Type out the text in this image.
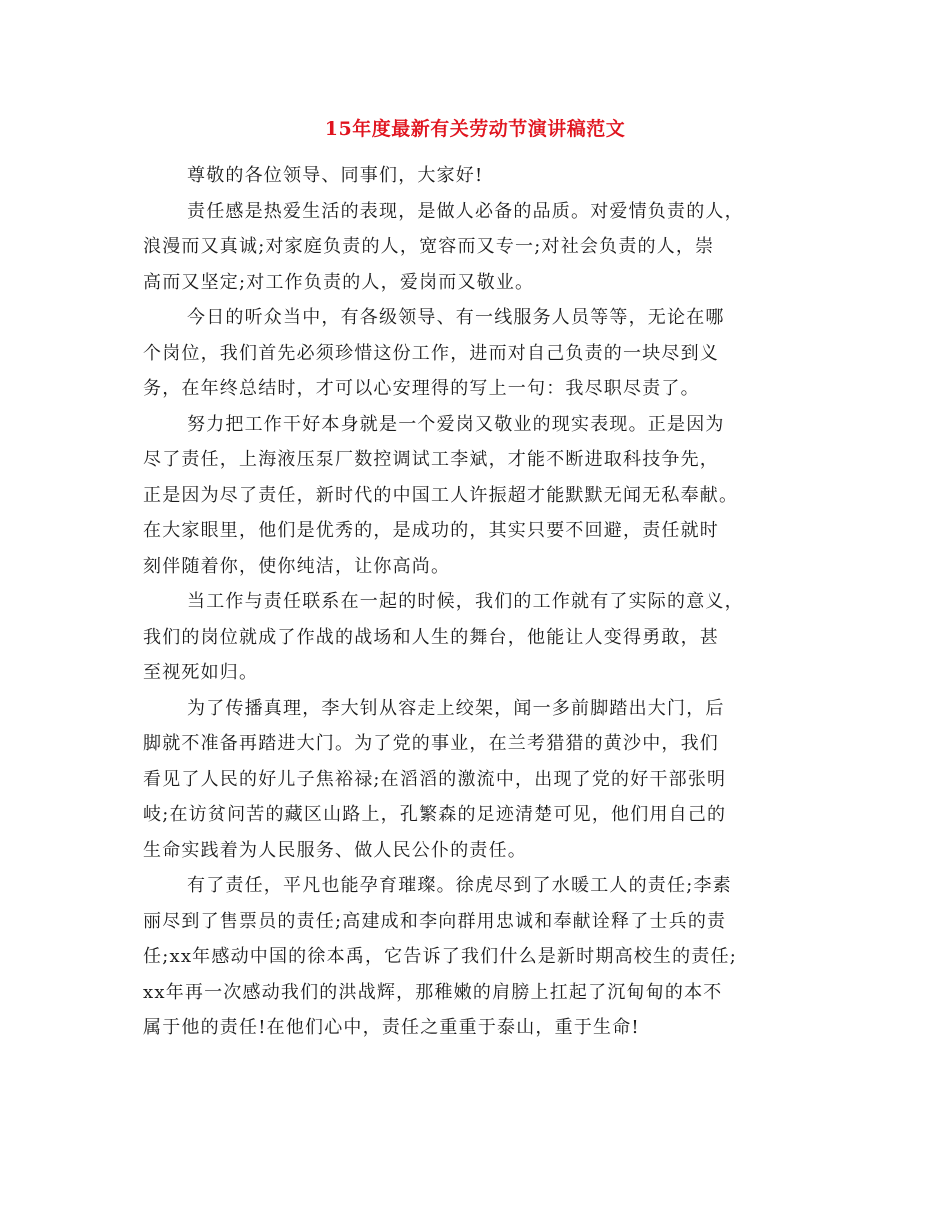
15年度最新有关劳动节演讲稿范文
尊敬的各位领导、同事们，大家好!
责任感是热爱生活的表现，是做人必备的品质。对爱情负责的人，
浪漫而又真诚;对家庭负责的人，宽容而又专一;对社会负责的人，崇
高而又坚定;对工作负责的人，爱岗而又敬业。
今日的听众当中，有各级领导、有一线服务人员等等，无论在哪
个岗位，我们首先必须珍惜这份工作，进而对自己负责的一块尽到义
务，在年终总结时，才可以心安理得的写上一句：我尽职尽责了。
努力把工作干好本身就是一个爱岗又敬业的现实表现。正是因为
尽了责任，上海液压泵厂数控调试工李斌，才能不断进取科技争先，
正是因为尽了责任，新时代的中国工人许振超才能默默无闻无私奉献。
在大家眼里，他们是优秀的，是成功的，其实只要不回避，责任就时
刻伴随着你，使你纯洁，让你高尚。
当工作与责任联系在一起的时候，我们的工作就有了实际的意义，
我们的岗位就成了作战的战场和人生的舞台，他能让人变得勇敢，甚
至视死如归。
为了传播真理，李大钊从容走上绞架，闻一多前脚踏出大门，后
脚就不准备再踏进大门。为了党的事业，在兰考猎猎的黄沙中，我们
看见了人民的好儿子焦裕禄;在滔滔的激流中，出现了党的好干部张明
岐;在访贫问苦的藏区山路上，孔繁森的足迹清楚可见，他们用自己的
生命实践着为人民服务、做人民公仆的责任。
有了责任，平凡也能孕育璀璨。徐虎尽到了水暖工人的责任;李素
丽尽到了售票员的责任;高建成和李向群用忠诚和奉献诠释了士兵的责
任;xx年感动中国的徐本禹，它告诉了我们什么是新时期高校生的责任;
xx年再一次感动我们的洪战辉，那稚嫩的肩膀上扛起了沉甸甸的本不
属于他的责任!在他们心中，责任之重重于泰山，重于生命!
